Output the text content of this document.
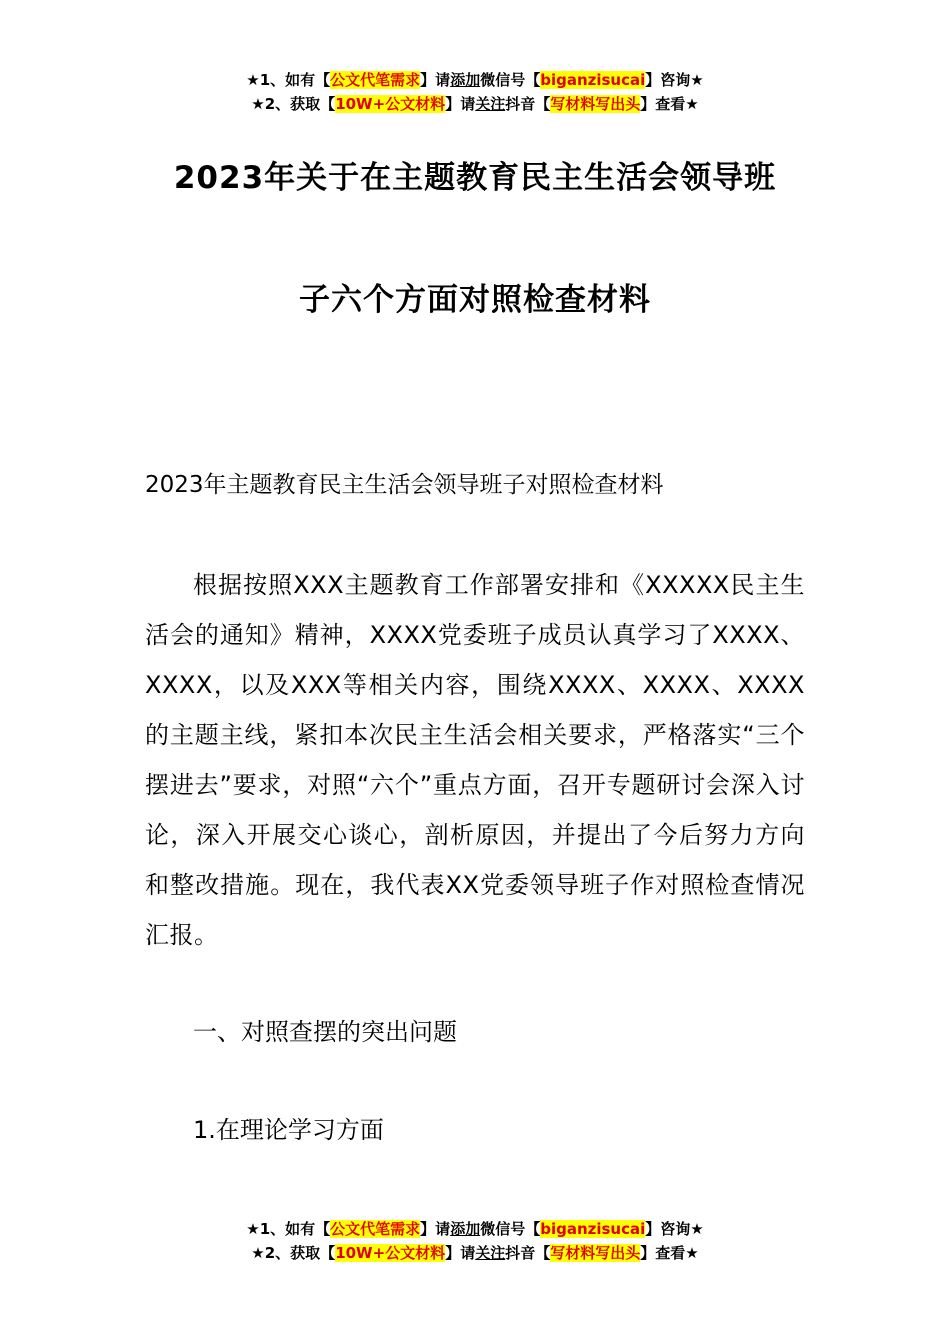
★1、如有【公文代笔需求】请添加微信号【biganzisucai】咨询★
★2、获取【10W+公文材料】请关注抖音【写材料写出头】查看★
2023年关于在主题教育民主生活会领导班
子六个方面对照检查材料
2023年主题教育民主生活会领导班子对照检查材料
根据按照XXX主题教育工作部署安排和《XXXXX民主生活会的通知》精神，XXXX党委班子成员认真学习了XXXX、XXXX，以及XXX等相关内容，围绕XXXX、XXXX、XXXX的主题主线，紧扣本次民主生活会相关要求，严格落实“三个摆进去”要求，对照“六个”重点方面，召开专题研讨会深入讨论，深入开展交心谈心，剖析原因，并提出了今后努力方向和整改措施。现在，我代表XX党委领导班子作对照检查情况汇报。
一、对照查摆的突出问题
1.在理论学习方面
★1、如有【公文代笔需求】请添加微信号【biganzisucai】咨询★
★2、获取【10W+公文材料】请关注抖音【写材料写出头】查看★
